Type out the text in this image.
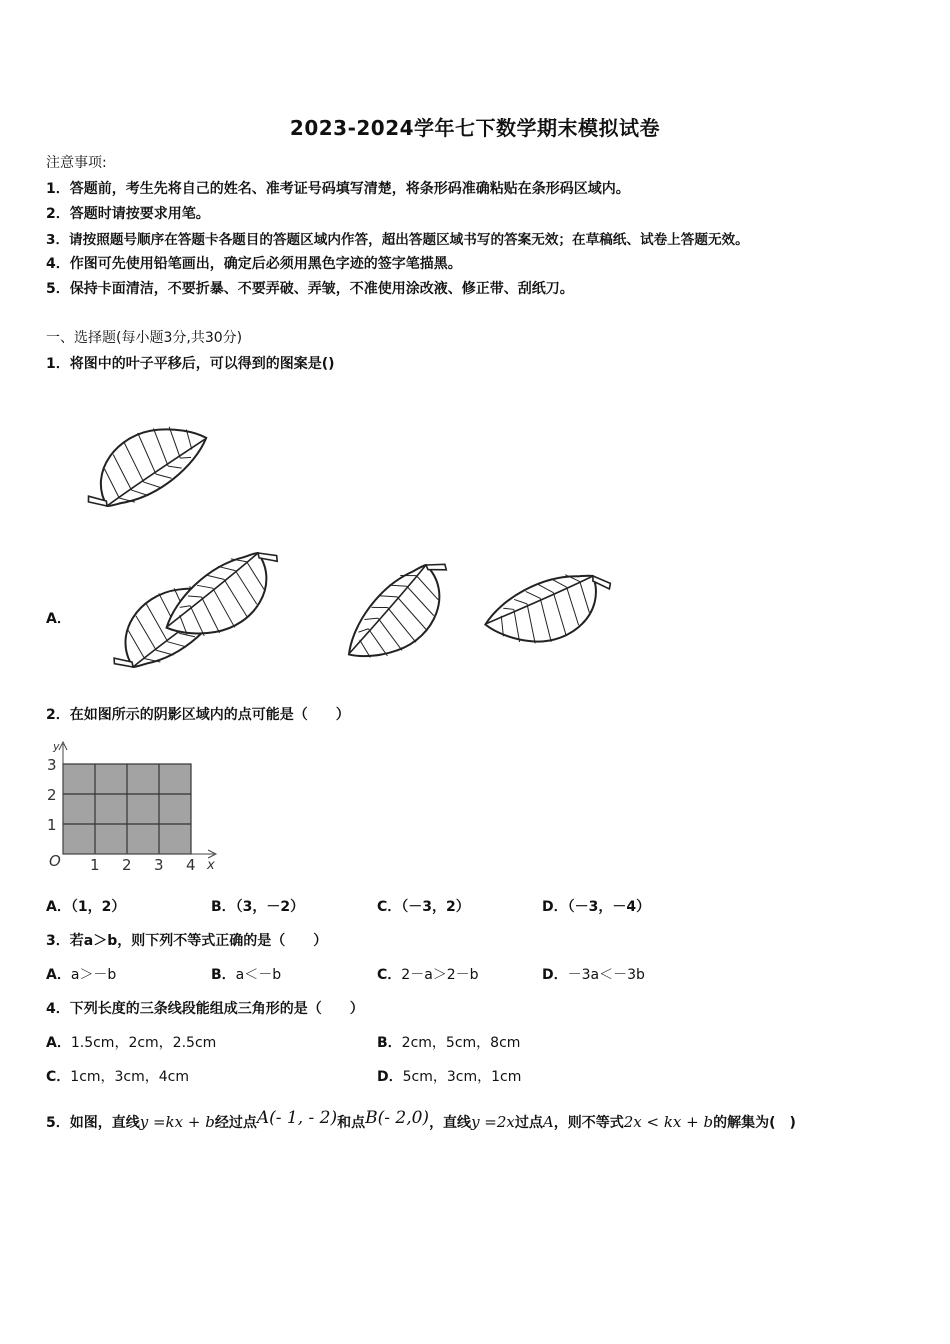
2023-2024学年七下数学期末模拟试卷
注意事项:
1．答题前，考生先将自己的姓名、准考证号码填写清楚，将条形码准确粘贴在条形码区域内。
2．答题时请按要求用笔。
3．请按照题号顺序在答题卡各题目的答题区域内作答，超出答题区域书写的答案无效；在草稿纸、试卷上答题无效。
4．作图可先使用铅笔画出，确定后必须用黑色字迹的签字笔描黑。
5．保持卡面清洁，不要折暴、不要弄破、弄皱，不准使用涂改液、修正带、刮纸刀。
一、选择题(每小题3分,共30分)
1．将图中的叶子平移后，可以得到的图案是()
A．
2．在如图所示的阴影区域内的点可能是（　　）
y
x
O 1 2 3 4
1
2
3
A．（1，2）	B．（3，－2）	C．（－3，2）	D．（－3，－4）
3．若a＞b，则下列不等式正确的是（　　）
A．a＞－b	B．a＜－b	C．2－a＞2－b	D．－3a＜－3b
4．下列长度的三条线段能组成三角形的是（　　）
A．1.5cm，2cm，2.5cm	B．2cm，5cm，8cm
C．1cm，3cm，4cm	D．5cm，3cm，1cm
5．如图，直线y =kx + b经过点A(- 1, - 2)和点B(- 2,0)，直线y =2x过点A，则不等式2x < kx + b的解集为(　)
